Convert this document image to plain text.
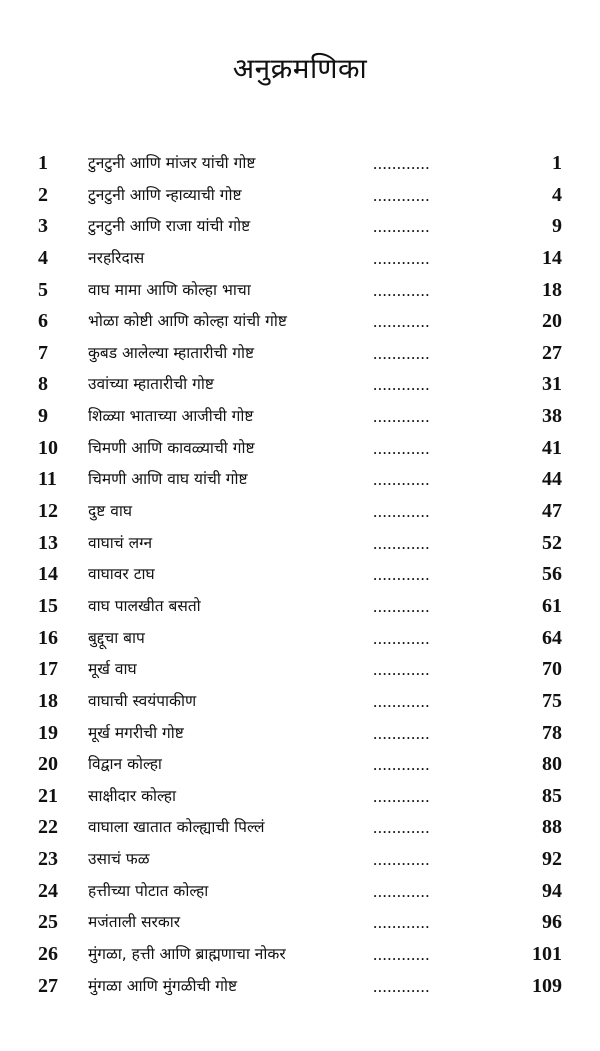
अनुक्रमणिका
1	टुनटुनी आणि मांजर यांची गोष्ट	............	1
2	टुनटुनी आणि न्हाव्याची गोष्ट	............	4
3	टुनटुनी आणि राजा यांची गोष्ट	............	9
4	नरहरिदास	............	14
5	वाघ मामा आणि कोल्हा भाचा	............	18
6	भोळा कोष्टी आणि कोल्हा यांची गोष्ट	............	20
7	कुबड आलेल्या म्हातारीची गोष्ट	............	27
8	उवांच्या म्हातारीची गोष्ट	............	31
9	शिळ्या भाताच्या आजीची गोष्ट	............	38
10 चिमणी आणि कावळ्याची गोष्ट	............	41
11 चिमणी आणि वाघ यांची गोष्ट	............	44
12 दुष्ट वाघ	............	47
13 वाघाचं लग्न	............	52
14 वाघावर टाघ	............	56
15 वाघ पालखीत बसतो	............	61
16 बुद्दूचा बाप	............	64
17 मूर्ख वाघ	............	70
18 वाघाची स्वयंपाकीण	............	75
19 मूर्ख मगरीची गोष्ट	............	78
20 विद्वान कोल्हा	............	80
21 साक्षीदार कोल्हा	............	85
22 वाघाला खातात कोल्ह्याची पिल्लं	............	88
23 उसाचं फळ	............	92
24 हत्तीच्या पोटात कोल्हा	............	94
25 मजंताली सरकार	............	96
26 मुंगळा, हत्ती आणि ब्राह्मणाचा नोकर	............	101
27 मुंगळा आणि मुंगळीची गोष्ट	............	109
